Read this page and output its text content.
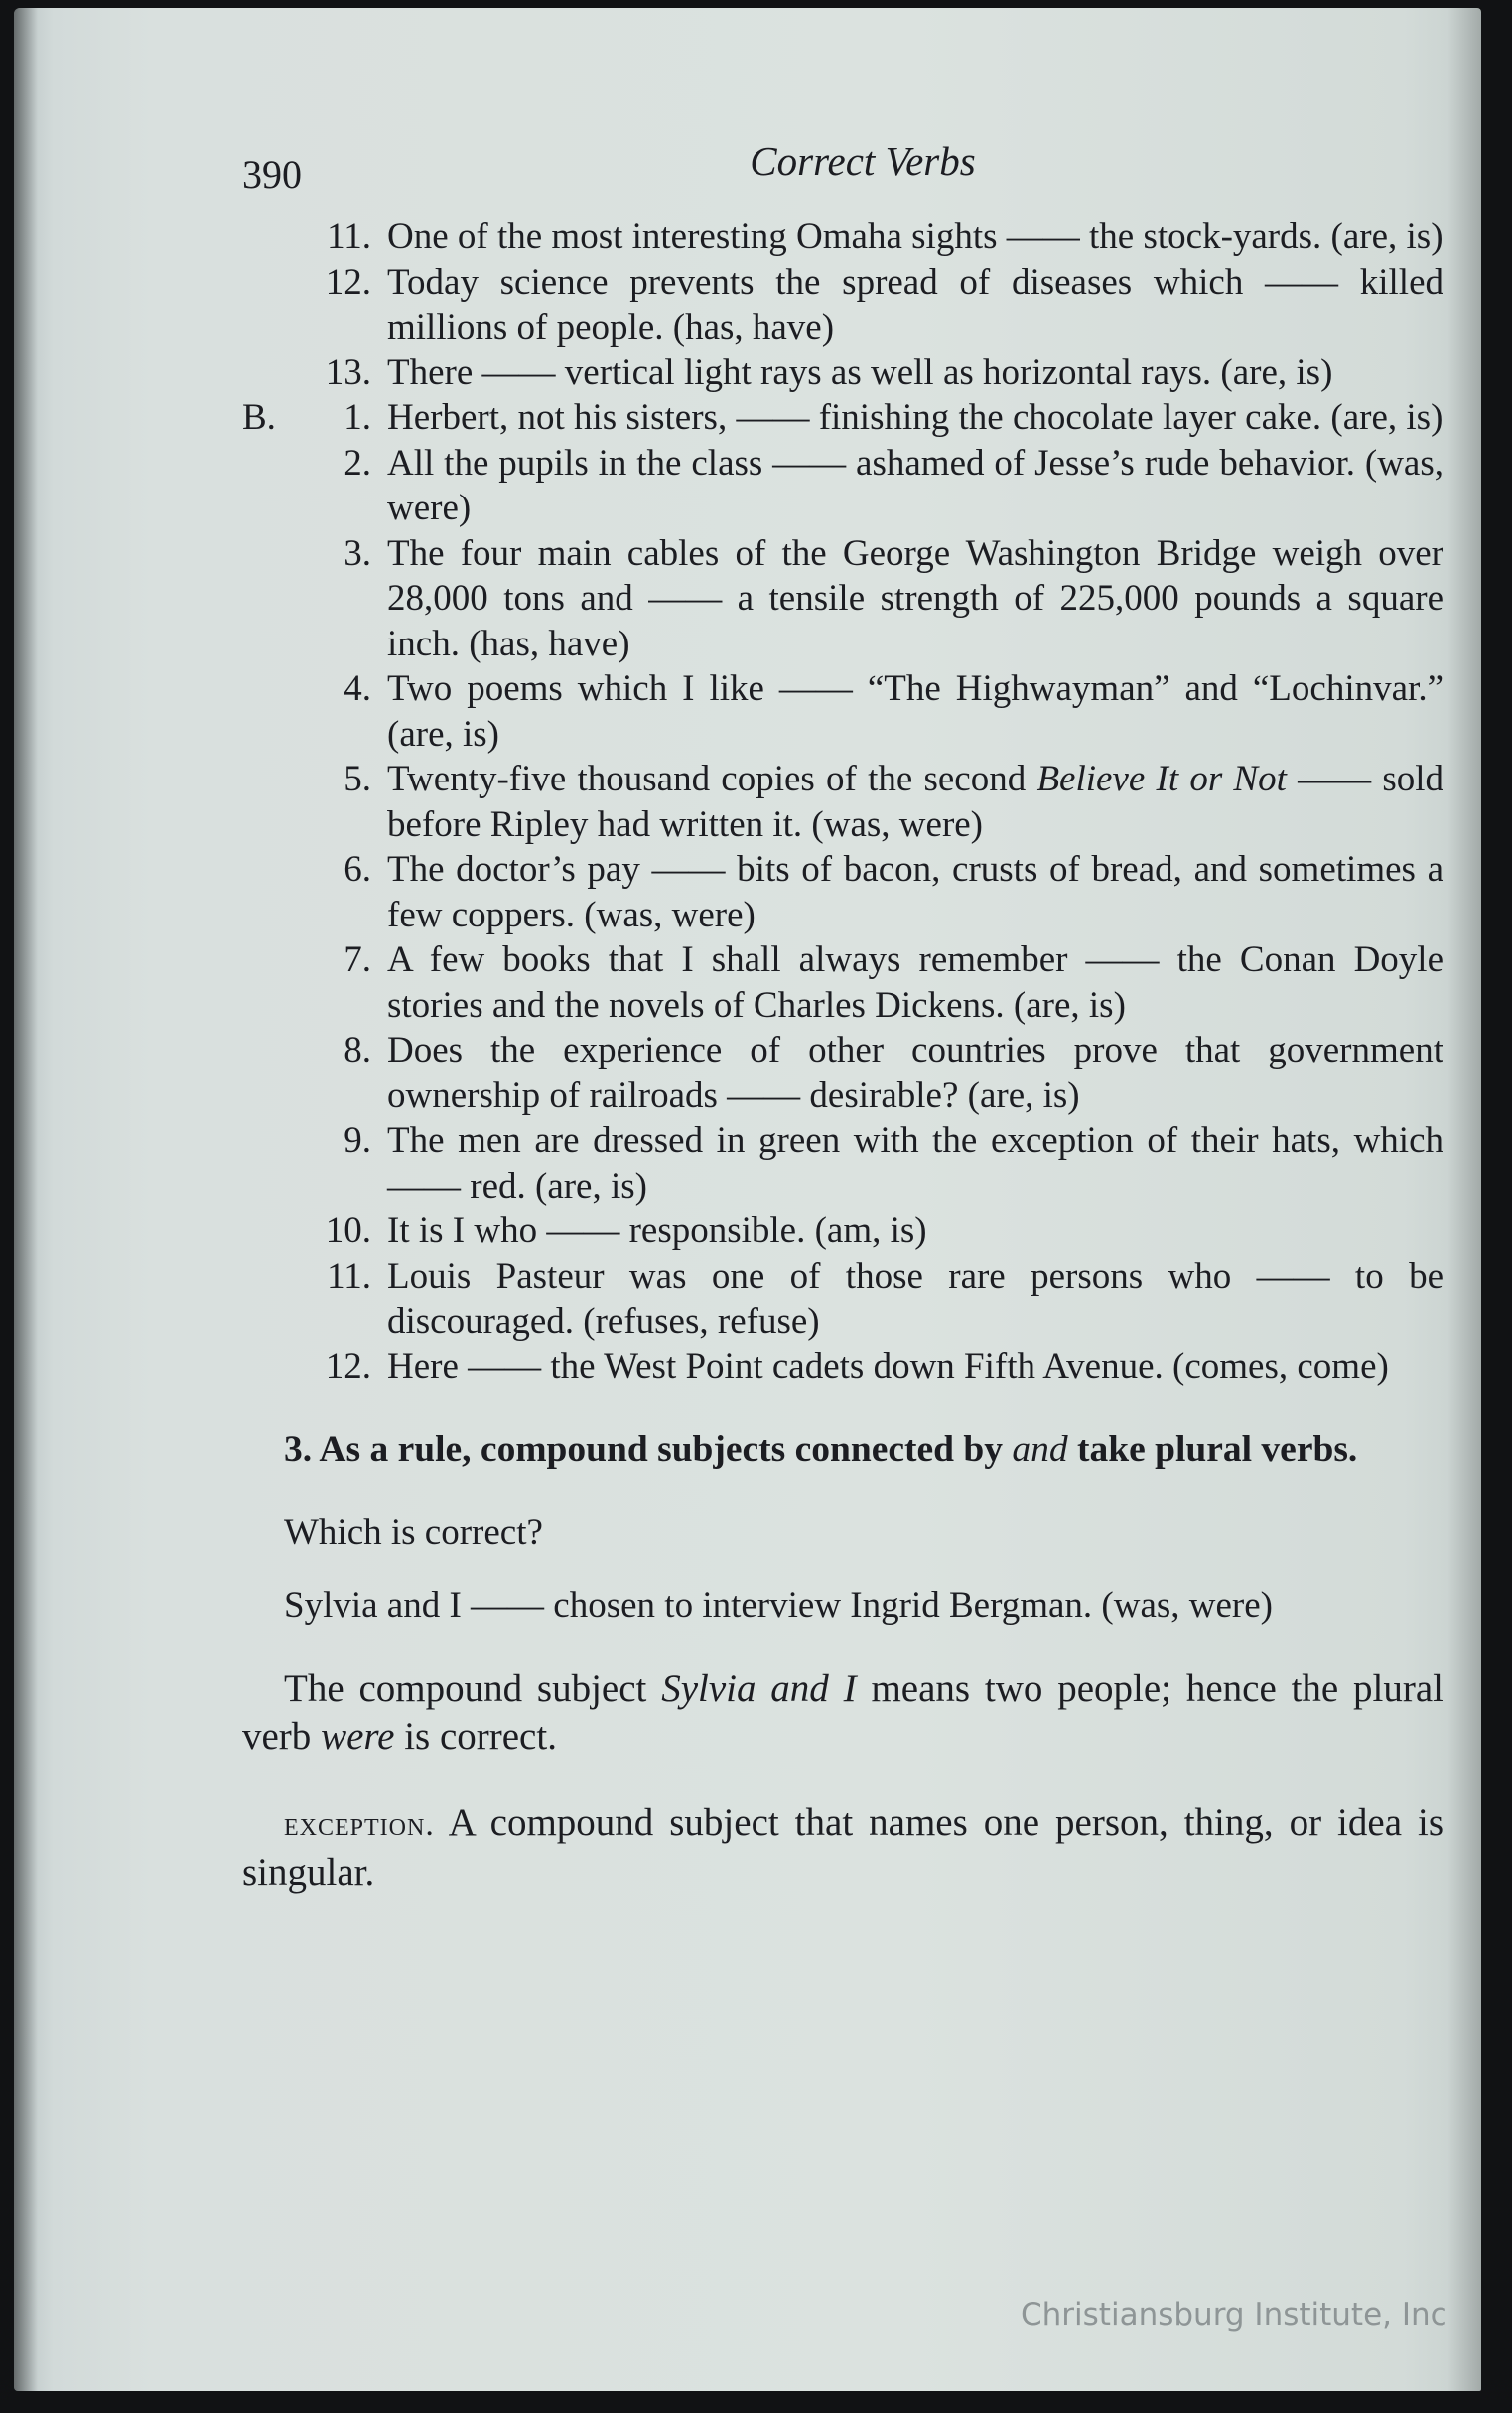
390	Correct Verbs
11. One of the most interesting Omaha sights —— the stock-yards. (are, is)
12. Today science prevents the spread of diseases which —— killed millions of people. (has, have)
13. There —— vertical light rays as well as horizontal rays. (are, is)
B.	1. Herbert, not his sisters, —— finishing the chocolate layer cake. (are, is)
2. All the pupils in the class —— ashamed of Jesse’s rude behavior. (was, were)
3. The four main cables of the George Washington Bridge weigh over 28,000 tons and —— a tensile strength of 225,000 pounds a square inch. (has, have)
4. Two poems which I like —— “The Highwayman” and “Lochinvar.” (are, is)
5. Twenty-five thousand copies of the second Believe It or Not —— sold before Ripley had written it. (was, were)
6. The doctor’s pay —— bits of bacon, crusts of bread, and sometimes a few coppers. (was, were)
7. A few books that I shall always remember —— the Conan Doyle stories and the novels of Charles Dickens. (are, is)
8. Does the experience of other countries prove that government ownership of railroads —— desirable? (are, is)
9. The men are dressed in green with the exception of their hats, which —— red. (are, is)
10. It is I who —— responsible. (am, is)
11. Louis Pasteur was one of those rare persons who —— to be discouraged. (refuses, refuse)
12. Here —— the West Point cadets down Fifth Avenue. (comes, come)

3. As a rule, compound subjects connected by and take plural verbs.

Which is correct?

Sylvia and I —— chosen to interview Ingrid Bergman. (was, were)

The compound subject Sylvia and I means two people; hence the plural verb were is correct.

exception. A compound subject that names one person, thing, or idea is singular.

Christiansburg Institute, Inc
